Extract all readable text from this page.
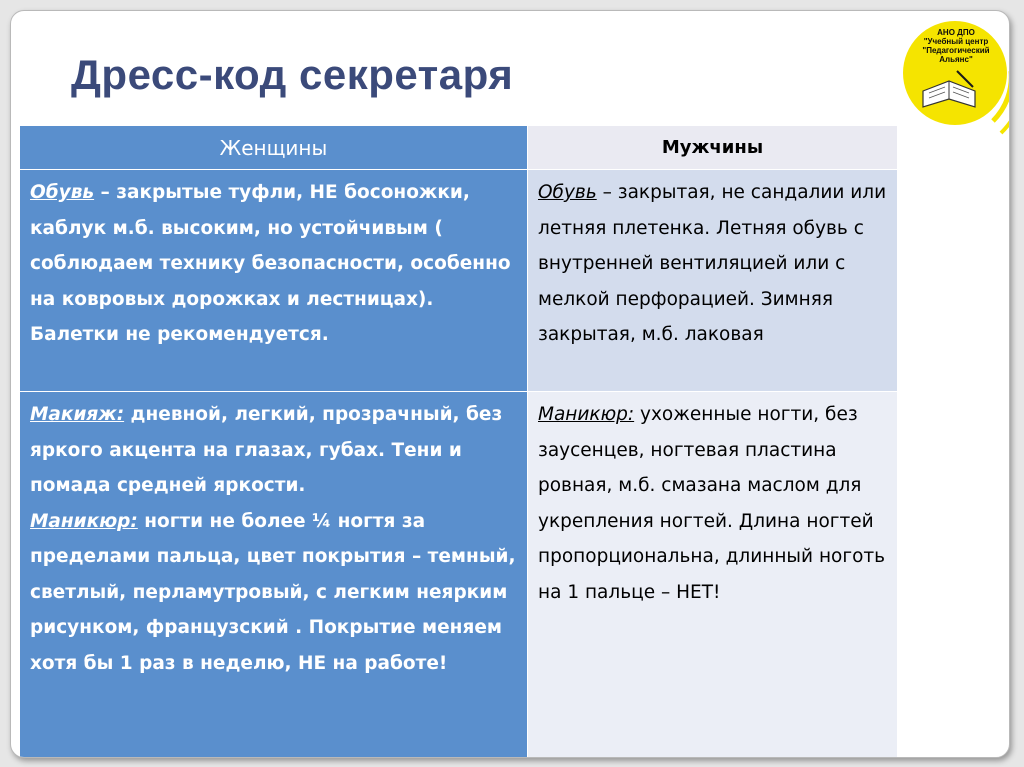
Дресс-код секретаря
АНО ДПО
"Учебный центр
"Педагогический Альянс"
Женщины	Мужчины

Обувь – закрытые туфли, НЕ босоножки, каблук м.б. высоким, но устойчивым ( соблюдаем технику безопасности, особенно на ковровых дорожках и лестницах). Балетки не рекомендуется.	Обувь – закрытая, не сандалии или летняя плетенка. Летняя обувь с внутренней вентиляцией или с мелкой перфорацией. Зимняя закрытая, м.б. лаковая

Макияж: дневной, легкий, прозрачный, без яркого акцента на глазах, губах. Тени и помада средней яркости.
Маникюр: ногти не более ¼ ногтя за пределами пальца, цвет покрытия – темный, светлый, перламутровый, с легким неярким рисунком, французский . Покрытие меняем хотя бы 1 раз в неделю, НЕ на работе!	Маникюр: ухоженные ногти, без заусенцев, ногтевая пластина ровная, м.б. смазана маслом для укрепления ногтей. Длина ногтей пропорциональна, длинный ноготь на 1 пальце – НЕТ!
